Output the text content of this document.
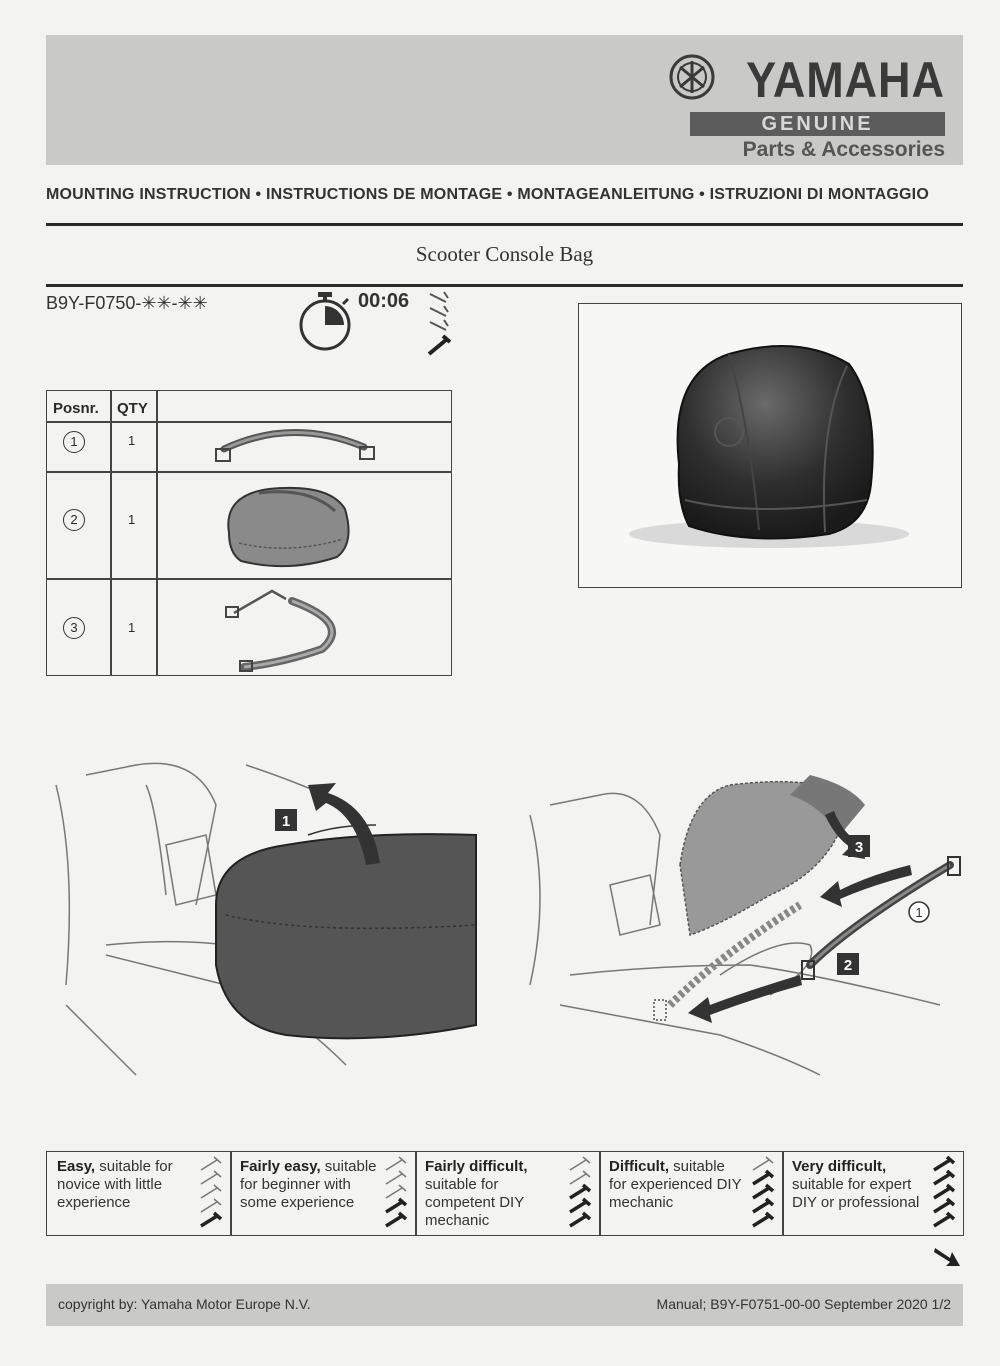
YAMAHA
GENUINE
Parts & Accessories
MOUNTING INSTRUCTION • INSTRUCTIONS DE MONTAGE • MONTAGEANLEITUNG • ISTRUZIONI DI MONTAGGIO
Scooter Console Bag
B9Y-F0750-✳✳-✳✳	00:06
Posnr. QTY
1	1
2	1
3	1
1
3
2
1
Easy, suitable for novice with little experience
Fairly easy, suitable for beginner with some experience
Fairly difficult, suitable for competent DIY mechanic
Difficult, suitable for experienced DIY mechanic
Very difficult, suitable for expert DIY or professional
copyright by: Yamaha Motor Europe N.V.	Manual; B9Y-F0751-00-00 September 2020 1/2
